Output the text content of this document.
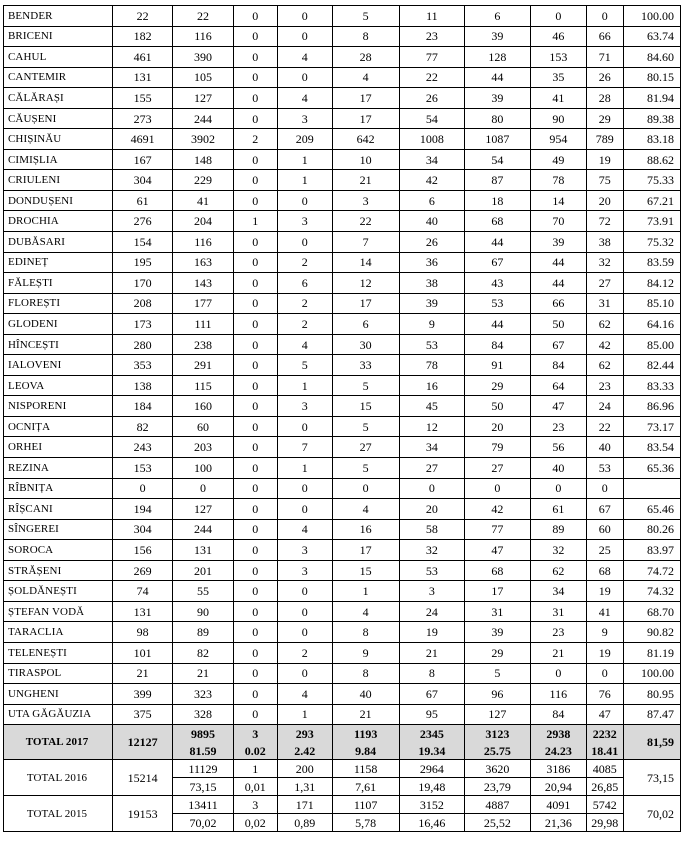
BENDER	22	22	0	0	5	11	6	0	0	100.00
BRICENI	182	116	0	0	8	23	39	46	66	63.74
CAHUL	461	390	0	4	28	77	128	153	71	84.60
CANTEMIR	131	105	0	0	4	22	44	35	26	80.15
CĂLĂRAȘI	155	127	0	4	17	26	39	41	28	81.94
CĂUȘENI	273	244	0	3	17	54	80	90	29	89.38
CHIȘINĂU	4691	3902	2	209	642	1008	1087	954	789	83.18
CIMIȘLIA	167	148	0	1	10	34	54	49	19	88.62
CRIULENI	304	229	0	1	21	42	87	78	75	75.33
DONDUȘENI	61	41	0	0	3	6	18	14	20	67.21
DROCHIA	276	204	1	3	22	40	68	70	72	73.91
DUBĂSARI	154	116	0	0	7	26	44	39	38	75.32
EDINEȚ	195	163	0	2	14	36	67	44	32	83.59
FĂLEȘTI	170	143	0	6	12	38	43	44	27	84.12
FLOREȘTI	208	177	0	2	17	39	53	66	31	85.10
GLODENI	173	111	0	2	6	9	44	50	62	64.16
HÎNCEȘTI	280	238	0	4	30	53	84	67	42	85.00
IALOVENI	353	291	0	5	33	78	91	84	62	82.44
LEOVA	138	115	0	1	5	16	29	64	23	83.33
NISPORENI	184	160	0	3	15	45	50	47	24	86.96
OCNIȚA	82	60	0	0	5	12	20	23	22	73.17
ORHEI	243	203	0	7	27	34	79	56	40	83.54
REZINA	153	100	0	1	5	27	27	40	53	65.36
RÎBNIȚA	0	0	0	0	0	0	0	0	0	
RÎȘCANI	194	127	0	0	4	20	42	61	67	65.46
SÎNGEREI	304	244	0	4	16	58	77	89	60	80.26
SOROCA	156	131	0	3	17	32	47	32	25	83.97
STRĂȘENI	269	201	0	3	15	53	68	62	68	74.72
ȘOLDĂNEȘTI	74	55	0	0	1	3	17	34	19	74.32
ȘTEFAN VODĂ	131	90	0	0	4	24	31	31	41	68.70
TARACLIA	98	89	0	0	8	19	39	23	9	90.82
TELENEȘTI	101	82	0	2	9	21	29	21	19	81.19
TIRASPOL	21	21	0	0	8	8	5	0	0	100.00
UNGHENI	399	323	0	4	40	67	96	116	76	80.95
UTA GĂGĂUZIA	375	328	0	1	21	95	127	84	47	87.47
TOTAL 2017	12127	9895	3	293	1193	2345	3123	2938	2232	81,59
		81.59	0.02	2.42	9.84	19.34	25.75	24.23	18.41	
TOTAL 2016	15214	11129	1	200	1158	2964	3620	3186	4085	73,15
		73,15	0,01	1,31	7,61	19,48	23,79	20,94	26,85	
TOTAL 2015	19153	13411	3	171	1107	3152	4887	4091	5742	70,02
		70,02	0,02	0,89	5,78	16,46	25,52	21,36	29,98	
